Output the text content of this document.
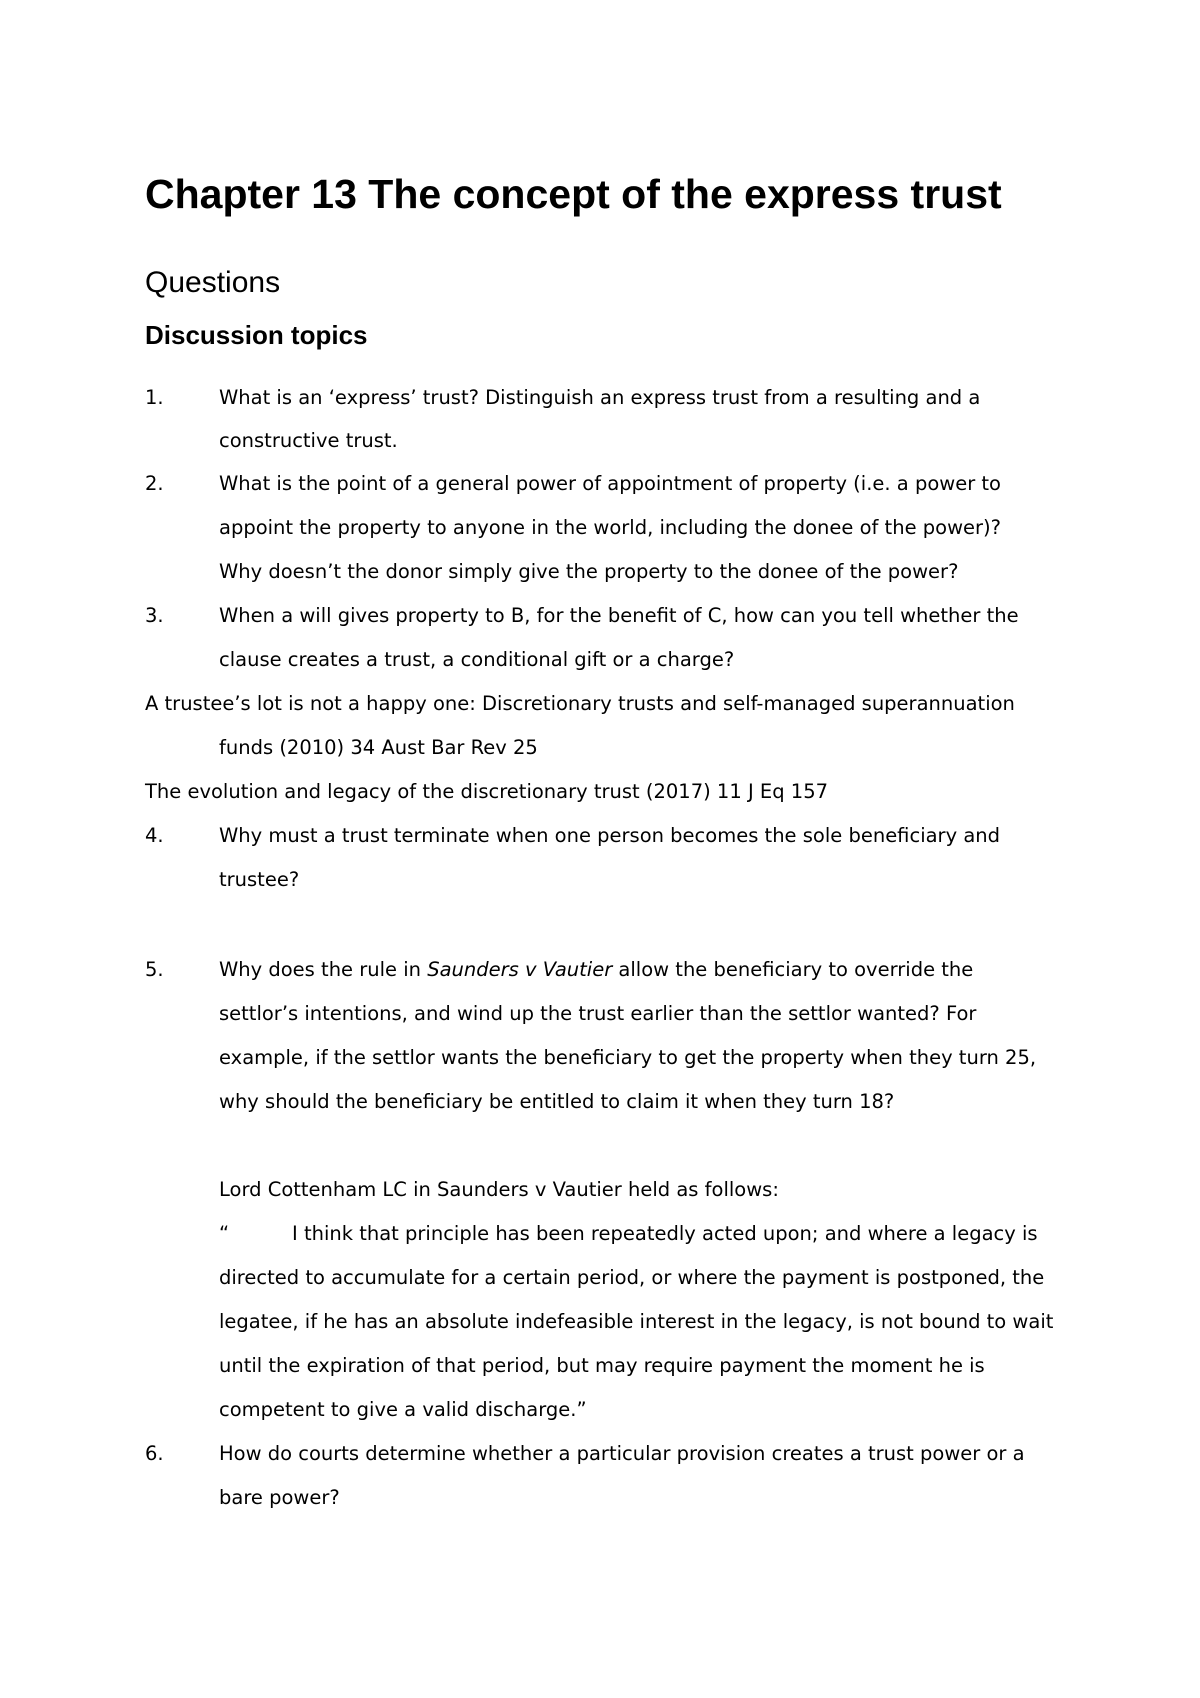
Chapter 13 The concept of the express trust
Questions
Discussion topics
1.	What is an ‘express’ trust? Distinguish an express trust from a resulting and a
constructive trust.
2.	What is the point of a general power of appointment of property (i.e. a power to
appoint the property to anyone in the world, including the donee of the power)?
Why doesn’t the donor simply give the property to the donee of the power?
3.	When a will gives property to B, for the benefit of C, how can you tell whether the
clause creates a trust, a conditional gift or a charge?
A trustee’s lot is not a happy one: Discretionary trusts and self-managed superannuation
funds (2010) 34 Aust Bar Rev 25
The evolution and legacy of the discretionary trust (2017) 11 J Eq 157
4.	Why must a trust terminate when one person becomes the sole beneficiary and
trustee?
5.	Why does the rule in Saunders v Vautier allow the beneficiary to override the
settlor’s intentions, and wind up the trust earlier than the settlor wanted? For
example, if the settlor wants the beneficiary to get the property when they turn 25,
why should the beneficiary be entitled to claim it when they turn 18?
Lord Cottenham LC in Saunders v Vautier held as follows:
“	I think that principle has been repeatedly acted upon; and where a legacy is
directed to accumulate for a certain period, or where the payment is postponed, the
legatee, if he has an absolute indefeasible interest in the legacy, is not bound to wait
until the expiration of that period, but may require payment the moment he is
competent to give a valid discharge.”
6.	How do courts determine whether a particular provision creates a trust power or a
bare power?
